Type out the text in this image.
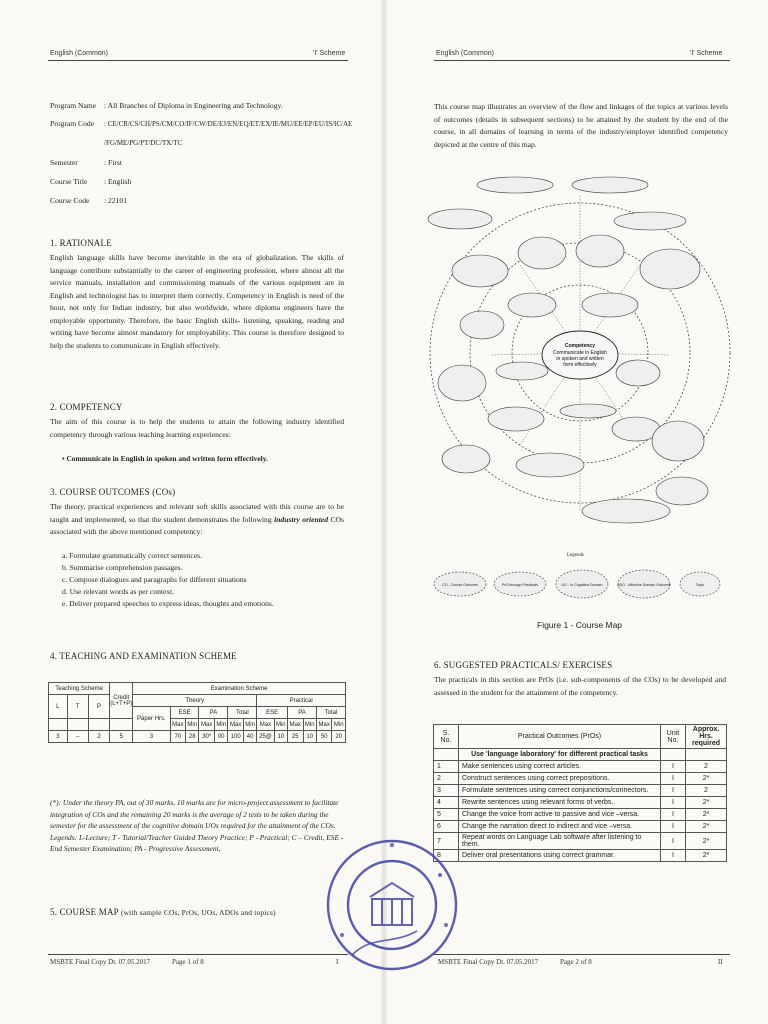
English (Common)	'I' Scheme
Program Name : All Branches of Diploma in Engineering and Technology.
Program Code : CE/CR/CS/CH/PS/CM/CO/IF/CW/DE/EJ/EN/EQ/ET/EX/IE/MU/EE/EP/EU/IS/IC/AE
/FG/ME/PG/PT/DC/TX/TC
Semester	: First
Course Title : English
Course Code : 22101
1. RATIONALE
English language skills have become inevitable in the era of globalization. The skills of language contribute substantially to the career of engineering profession, where almost all the service manuals, installation and commissioning manuals of the various equipment are in English and technologist has to interpret them correctly. Competency in English is need of the hour, not only for Indian industry, but also worldwide, where diploma engineers have the employable opportunity. Therefore, the basic English skills- listening, speaking, reading and writing have become almost mandatory for employability. This course is therefore designed to help the students to communicate in English effectively.
2. COMPETENCY
The aim of this course is to help the students to attain the following industry identified competency through various teaching learning experiences:
• Communicate in English in spoken and written form effectively.
3. COURSE OUTCOMES (COs)
The theory, practical experiences and relevant soft skills associated with this course are to be taught and implemented, so that the student demonstrates the following industry oriented COs associated with the above mentioned competency:
a. Formulate grammatically correct sentences.
b. Summarise comprehension passages.
c. Compose dialogues and paragraphs for different situations
d. Use relevant words as per context.
e. Deliver prepared speeches to express ideas, thoughts and emotions.
4. TEACHING AND EXAMINATION SCHEME
Teaching Scheme			Credit (L+T+P)	Examination Scheme												

L	T	P		Theory							Practical					
				Paper Hrs.	ESE		PA		Total		ESE		PA		Total	
					Max	Min	Max	Min	Max	Min	Max	Min	Max	Min	Max	Min
3	--	2	5	3	70	28	30*	00	100	40	25@	10	25	10	50	20
(*): Under the theory PA, out of 30 marks, 10 marks are for micro-project assessment to facilitate integration of COs and the remaining 20 marks is the average of 2 tests to be taken during the semester for the assessment of the cognitive domain UOs required for the attainment of the COs.
Legends: L-Lecture; T - Tutorial/Teacher Guided Theory Practice; P - Practical; C – Credit, ESE - End Semester Examination; PA - Progressive Assessment,
5. COURSE MAP (with sample COs, PrOs, UOs, ADOs and topics)
MSBTE Final Copy Dt. 07.05.2017	Page 1 of 8	I
English (Common)	'I' Scheme
This course map illustrates an overview of the flow and linkages of the topics at various levels of outcomes (details in subsequent sections) to be attained by the student by the end of the course, in all domains of learning in terms of the industry/employer identified competency depicted at the centre of this map.
Competency
Communicate in English
in spoken and written
form effectively
Figure 1 - Course Map
Legends
CO - Course Outcome	PrO through Practicals	UO - In Cognitive Domain	ADO - Affective Domain Outcome	Topic
6. SUGGESTED PRACTICALS/ EXERCISES
The practicals in this section are PrOs (i.e. sub-components of the COs) to be developed and assessed in the student for the attainment of the competency.
S. No.	Practical Outcomes (PrOs)	Unit No.	Approx. Hrs. required
	Use 'language laboratory' for different practical tasks		
1	Make sentences using correct articles.	I	2
2	Construct sentences using correct prepositions.	I	2*
3	Formulate sentences using correct conjunctions/connectors.	I	2
4	Rewrite sentences using relevant forms of verbs.	I	2*
5	Change the voice from active to passive and vice –versa.	I	2*
6	Change the narration direct to indirect and vice –versa.	I	2*
7	Repeat words on Language Lab software after listening to them.	I	2*
8	Deliver oral presentations using correct grammar.	I	2*
MSBTE Final Copy Dt. 07.05.2017	Page 2 of 8	II
